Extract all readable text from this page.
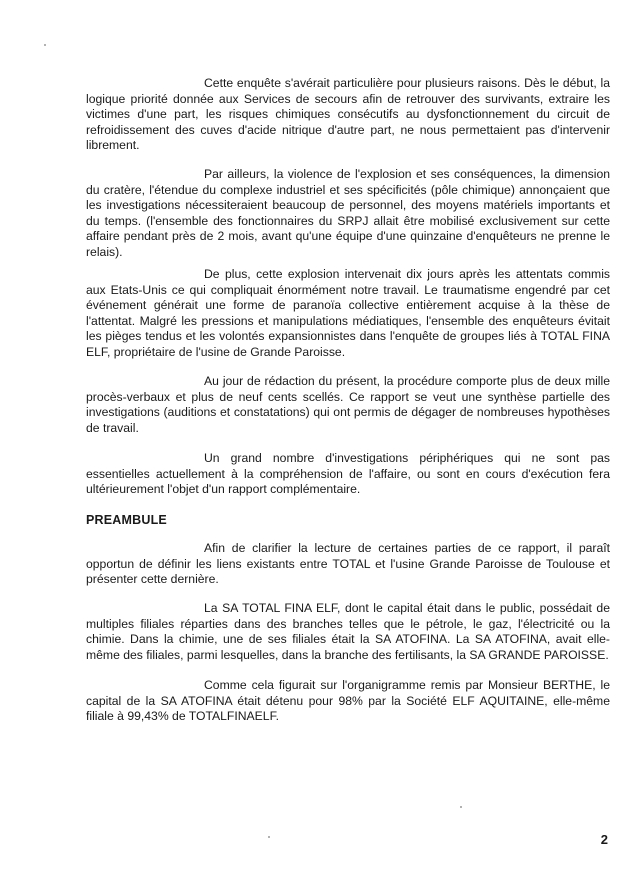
Cette enquête s'avérait particulière pour plusieurs raisons. Dès le début, la logique priorité donnée aux Services de secours afin de retrouver des survivants, extraire les victimes d'une part, les risques chimiques consécutifs au dysfonctionnement du circuit de refroidissement des cuves d'acide nitrique d'autre part, ne nous permettaient pas d'intervenir librement.

Par ailleurs, la violence de l'explosion et ses conséquences, la dimension du cratère, l'étendue du complexe industriel et ses spécificités (pôle chimique) annonçaient que les investigations nécessiteraient beaucoup de personnel, des moyens matériels importants et du temps. (l'ensemble des fonctionnaires du SRPJ allait être mobilisé exclusivement sur cette affaire pendant près de 2 mois, avant qu'une équipe d'une quinzaine d'enquêteurs ne prenne le relais).

De plus, cette explosion intervenait dix jours après les attentats commis aux Etats-Unis ce qui compliquait énormément notre travail. Le traumatisme engendré par cet événement générait une forme de paranoïa collective entièrement acquise à la thèse de l'attentat. Malgré les pressions et manipulations médiatiques, l'ensemble des enquêteurs évitait les pièges tendus et les volontés expansionnistes dans l'enquête de groupes liés à TOTAL FINA ELF, propriétaire de l'usine de Grande Paroisse.

Au jour de rédaction du présent, la procédure comporte plus de deux mille procès-verbaux et plus de neuf cents scellés. Ce rapport se veut une synthèse partielle des investigations (auditions et constatations) qui ont permis de dégager de nombreuses hypothèses de travail.

Un grand nombre d'investigations périphériques qui ne sont pas essentielles actuellement à la compréhension de l'affaire, ou sont en cours d'exécution fera ultérieurement l'objet d'un rapport complémentaire.

PREAMBULE

Afin de clarifier la lecture de certaines parties de ce rapport, il paraît opportun de définir les liens existants entre TOTAL et l'usine Grande Paroisse de Toulouse et présenter cette dernière.

La SA TOTAL FINA ELF, dont le capital était dans le public, possédait de multiples filiales réparties dans des branches telles que le pétrole, le gaz, l'électricité ou la chimie. Dans la chimie, une de ses filiales était la SA ATOFINA. La SA ATOFINA, avait elle-même des filiales, parmi lesquelles, dans la branche des fertilisants, la SA GRANDE PAROISSE.

Comme cela figurait sur l'organigramme remis par Monsieur BERTHE, le capital de la SA ATOFINA était détenu pour 98% par la Société ELF AQUITAINE, elle-même filiale à 99,43% de TOTALFINAELF.

2
